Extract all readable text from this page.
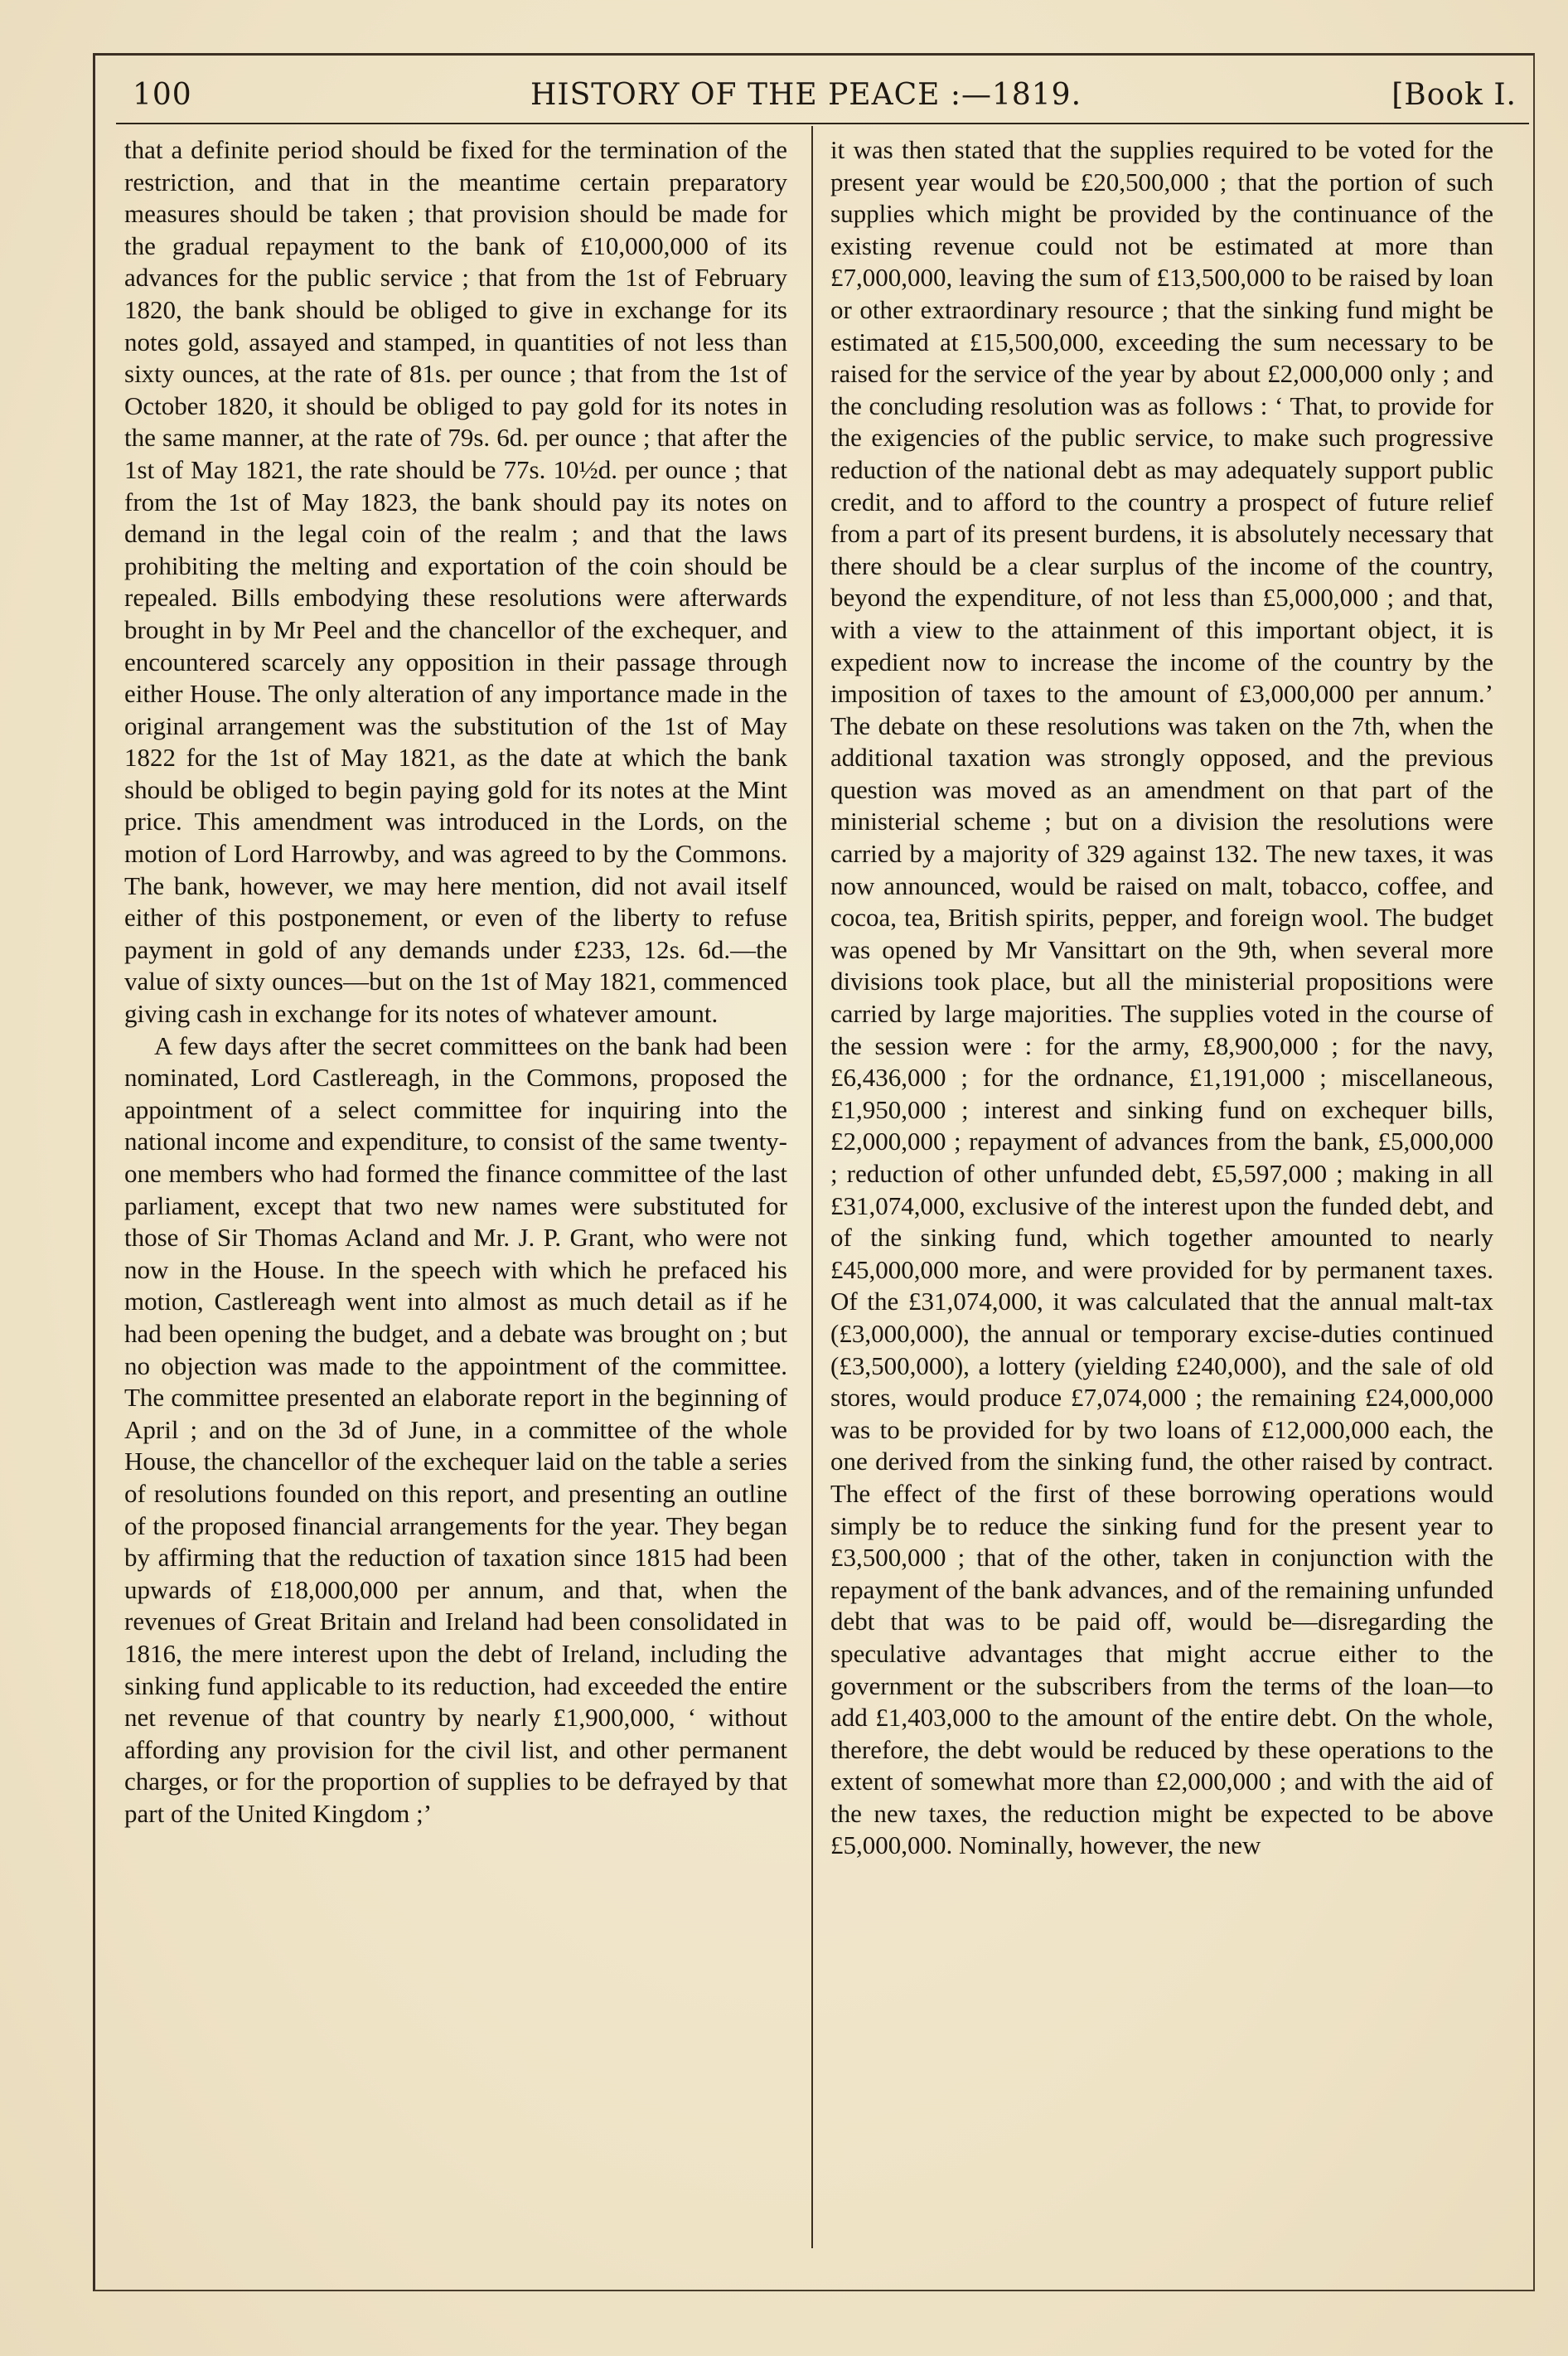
100	HISTORY OF THE PEACE :—1819.	[Book I.

that a definite period should be fixed for the termination of the restriction, and that in the meantime certain preparatory measures should be taken ; that provision should be made for the gradual repayment to the bank of £10,000,000 of its advances for the public service ; that from the 1st of February 1820, the bank should be obliged to give in exchange for its notes gold, assayed and stamped, in quantities of not less than sixty ounces, at the rate of 81s. per ounce ; that from the 1st of October 1820, it should be obliged to pay gold for its notes in the same manner, at the rate of 79s. 6d. per ounce ; that after the 1st of May 1821, the rate should be 77s. 10½d. per ounce ; that from the 1st of May 1823, the bank should pay its notes on demand in the legal coin of the realm ; and that the laws prohibiting the melting and exportation of the coin should be repealed. Bills embodying these resolutions were afterwards brought in by Mr Peel and the chancellor of the exchequer, and encountered scarcely any opposition in their passage through either House. The only alteration of any importance made in the original arrangement was the substitution of the 1st of May 1822 for the 1st of May 1821, as the date at which the bank should be obliged to begin paying gold for its notes at the Mint price. This amendment was introduced in the Lords, on the motion of Lord Harrowby, and was agreed to by the Commons. The bank, however, we may here mention, did not avail itself either of this postponement, or even of the liberty to refuse payment in gold of any demands under £233, 12s. 6d.—the value of sixty ounces—but on the 1st of May 1821, commenced giving cash in exchange for its notes of whatever amount.

A few days after the secret committees on the bank had been nominated, Lord Castlereagh, in the Commons, proposed the appointment of a select committee for inquiring into the national income and expenditure, to consist of the same twenty-one members who had formed the finance committee of the last parliament, except that two new names were substituted for those of Sir Thomas Acland and Mr. J. P. Grant, who were not now in the House. In the speech with which he prefaced his motion, Castlereagh went into almost as much detail as if he had been opening the budget, and a debate was brought on ; but no objection was made to the appointment of the committee. The committee presented an elaborate report in the beginning of April ; and on the 3d of June, in a committee of the whole House, the chancellor of the exchequer laid on the table a series of resolutions founded on this report, and presenting an outline of the proposed financial arrangements for the year. They began by affirming that the reduction of taxation since 1815 had been upwards of £18,000,000 per annum, and that, when the revenues of Great Britain and Ireland had been consolidated in 1816, the mere interest upon the debt of Ireland, including the sinking fund applicable to its reduction, had exceeded the entire net revenue of that country by nearly £1,900,000, ‘ without affording any provision for the civil list, and other permanent charges, or for the proportion of supplies to be defrayed by that part of the United Kingdom ;’

it was then stated that the supplies required to be voted for the present year would be £20,500,000 ; that the portion of such supplies which might be provided by the continuance of the existing revenue could not be estimated at more than £7,000,000, leaving the sum of £13,500,000 to be raised by loan or other extraordinary resource ; that the sinking fund might be estimated at £15,500,000, exceeding the sum necessary to be raised for the service of the year by about £2,000,000 only ; and the concluding resolution was as follows : ‘ That, to provide for the exigencies of the public service, to make such progressive reduction of the national debt as may adequately support public credit, and to afford to the country a prospect of future relief from a part of its present burdens, it is absolutely necessary that there should be a clear surplus of the income of the country, beyond the expenditure, of not less than £5,000,000 ; and that, with a view to the attainment of this important object, it is expedient now to increase the income of the country by the imposition of taxes to the amount of £3,000,000 per annum.’ The debate on these resolutions was taken on the 7th, when the additional taxation was strongly opposed, and the previous question was moved as an amendment on that part of the ministerial scheme ; but on a division the resolutions were carried by a majority of 329 against 132. The new taxes, it was now announced, would be raised on malt, tobacco, coffee, and cocoa, tea, British spirits, pepper, and foreign wool. The budget was opened by Mr Vansittart on the 9th, when several more divisions took place, but all the ministerial propositions were carried by large majorities. The supplies voted in the course of the session were : for the army, £8,900,000 ; for the navy, £6,436,000 ; for the ordnance, £1,191,000 ; miscellaneous, £1,950,000 ; interest and sinking fund on exchequer bills, £2,000,000 ; repayment of advances from the bank, £5,000,000 ; reduction of other unfunded debt, £5,597,000 ; making in all £31,074,000, exclusive of the interest upon the funded debt, and of the sinking fund, which together amounted to nearly £45,000,000 more, and were provided for by permanent taxes. Of the £31,074,000, it was calculated that the annual malt-tax (£3,000,000), the annual or temporary excise-duties continued (£3,500,000), a lottery (yielding £240,000), and the sale of old stores, would produce £7,074,000 ; the remaining £24,000,000 was to be provided for by two loans of £12,000,000 each, the one derived from the sinking fund, the other raised by contract. The effect of the first of these borrowing operations would simply be to reduce the sinking fund for the present year to £3,500,000 ; that of the other, taken in conjunction with the repayment of the bank advances, and of the remaining unfunded debt that was to be paid off, would be—disregarding the speculative advantages that might accrue either to the government or the subscribers from the terms of the loan—to add £1,403,000 to the amount of the entire debt. On the whole, therefore, the debt would be reduced by these operations to the extent of somewhat more than £2,000,000 ; and with the aid of the new taxes, the reduction might be expected to be above £5,000,000. Nominally, however, the new
